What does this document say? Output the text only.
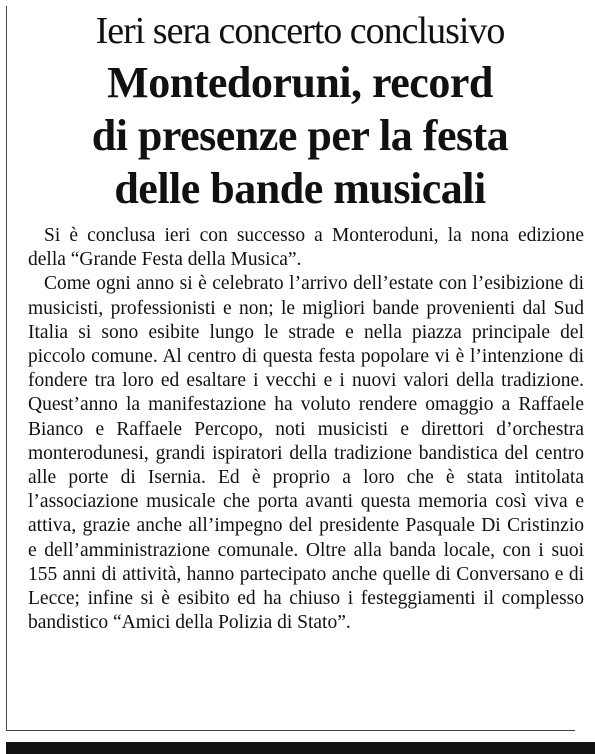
Ieri sera concerto conclusivo
Montedoruni, record
di presenze per la festa
delle bande musicali

Si è conclusa ieri con successo a Monteroduni, la nona edizione della “Grande Festa della Musica”.

Come ogni anno si è celebrato l’arrivo dell’estate con l’esibizione di musicisti, professionisti e non; le migliori bande provenienti dal Sud Italia si sono esibite lungo le strade e nella piazza principale del piccolo comune. Al centro di questa festa popolare vi è l’intenzione di fondere tra loro ed esaltare i vecchi e i nuovi valori della tradizione. Quest’anno la manifestazione ha voluto rendere omaggio a Raffaele Bianco e Raffaele Percopo, noti musicisti e direttori d’orchestra monterodunesi, grandi ispiratori della tradizione bandistica del centro alle porte di Isernia. Ed è proprio a loro che è stata intitolata l’associazione musicale che porta avanti questa memoria così viva e attiva, grazie anche all’impegno del presidente Pasquale Di Cristinzio e dell’amministrazione comunale. Oltre alla banda locale, con i suoi 155 anni di attività, hanno partecipato anche quelle di Conversano e di Lecce; infine si è esibito ed ha chiuso i festeggiamenti il complesso bandistico “Amici della Polizia di Stato”.
